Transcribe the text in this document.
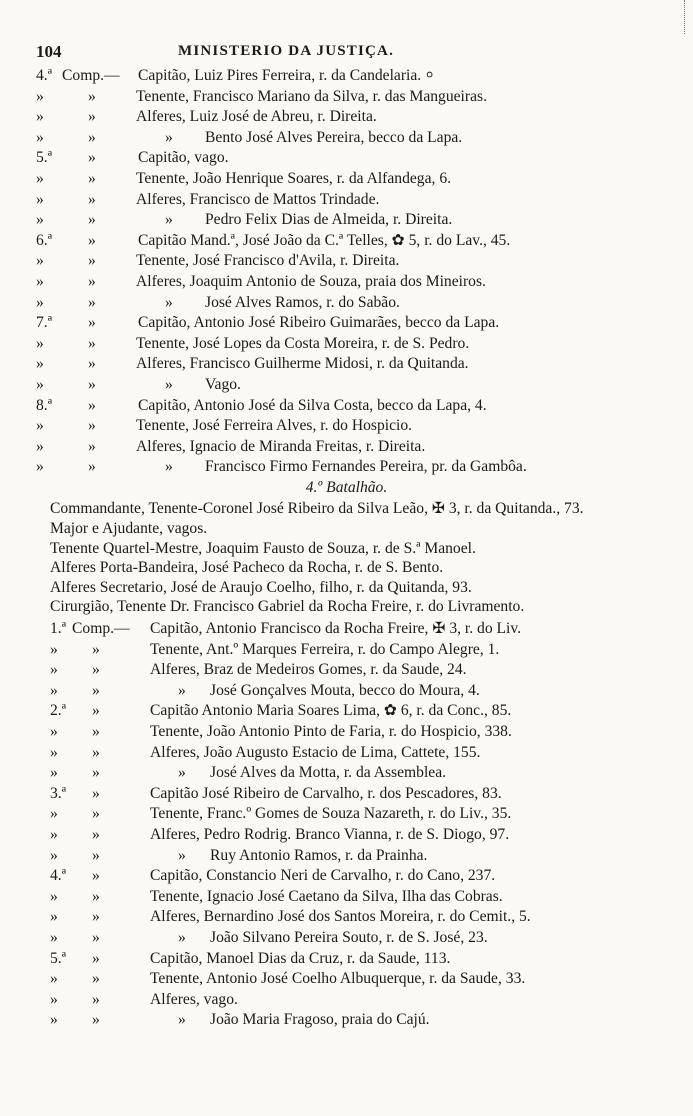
104	MINISTERIO DA JUSTIÇA.
4.ª Comp.— Capitão, Luiz Pires Ferreira, r. da Candelaria. ⸰
»	»	Tenente, Francisco Mariano da Silva, r. das Mangueiras.
»	»	Alferes, Luiz José de Abreu, r. Direita.
»	»	» Bento José Alves Pereira, becco da Lapa.
5.ª »	Capitão, vago.
»	»	Tenente, João Henrique Soares, r. da Alfandega, 6.
»	»	Alferes, Francisco de Mattos Trindade.
»	»	» Pedro Felix Dias de Almeida, r. Direita.
6.ª »	Capitão Mand.ª, José João da C.ª Telles, ✿ 5, r. do Lav., 45.
»	»	Tenente, José Francisco d'Avila, r. Direita.
»	»	Alferes, Joaquim Antonio de Souza, praia dos Mineiros.
»	»	» José Alves Ramos, r. do Sabão.
7.ª »	Capitão, Antonio José Ribeiro Guimarães, becco da Lapa.
»	»	Tenente, José Lopes da Costa Moreira, r. de S. Pedro.
»	»	Alferes, Francisco Guilherme Midosi, r. da Quitanda.
»	»	» Vago.
8.ª »	Capitão, Antonio José da Silva Costa, becco da Lapa, 4.
»	»	Tenente, José Ferreira Alves, r. do Hospicio.
»	»	Alferes, Ignacio de Miranda Freitas, r. Direita.
»	»	» Francisco Firmo Fernandes Pereira, pr. da Gambôa.
4.º Batalhão.
Commandante, Tenente-Coronel José Ribeiro da Silva Leão, ✠ 3, r. da Quitanda., 73.
Major e Ajudante, vagos.
Tenente Quartel-Mestre, Joaquim Fausto de Souza, r. de S.ª Manoel.
Alferes Porta-Bandeira, José Pacheco da Rocha, r. de S. Bento.
Alferes Secretario, José de Araujo Coelho, filho, r. da Quitanda, 93.
Cirurgião, Tenente Dr. Francisco Gabriel da Rocha Freire, r. do Livramento.
1.ª Comp.— Capitão, Antonio Francisco da Rocha Freire, ✠ 3, r. do Liv.
» »	Tenente, Ant.º Marques Ferreira, r. do Campo Alegre, 1.
» »	Alferes, Braz de Medeiros Gomes, r. da Saude, 24.
» »	» José Gonçalves Mouta, becco do Moura, 4.
2.ª »	Capitão Antonio Maria Soares Lima, ✿ 6, r. da Conc., 85.
» »	Tenente, João Antonio Pinto de Faria, r. do Hospicio, 338.
» »	Alferes, João Augusto Estacio de Lima, Cattete, 155.
» »	» José Alves da Motta, r. da Assemblea.
3.ª »	Capitão José Ribeiro de Carvalho, r. dos Pescadores, 83.
» »	Tenente, Franc.º Gomes de Souza Nazareth, r. do Liv., 35.
» »	Alferes, Pedro Rodrig. Branco Vianna, r. de S. Diogo, 97.
» »	» Ruy Antonio Ramos, r. da Prainha.
4.ª »	Capitão, Constancio Neri de Carvalho, r. do Cano, 237.
» »	Tenente, Ignacio José Caetano da Silva, Ilha das Cobras.
» »	Alferes, Bernardino José dos Santos Moreira, r. do Cemit., 5.
» »	» João Silvano Pereira Souto, r. de S. José, 23.
5.ª »	Capitão, Manoel Dias da Cruz, r. da Saude, 113.
» »	Tenente, Antonio José Coelho Albuquerque, r. da Saude, 33.
» »	Alferes, vago.
» »	» João Maria Fragoso, praia do Cajú.
